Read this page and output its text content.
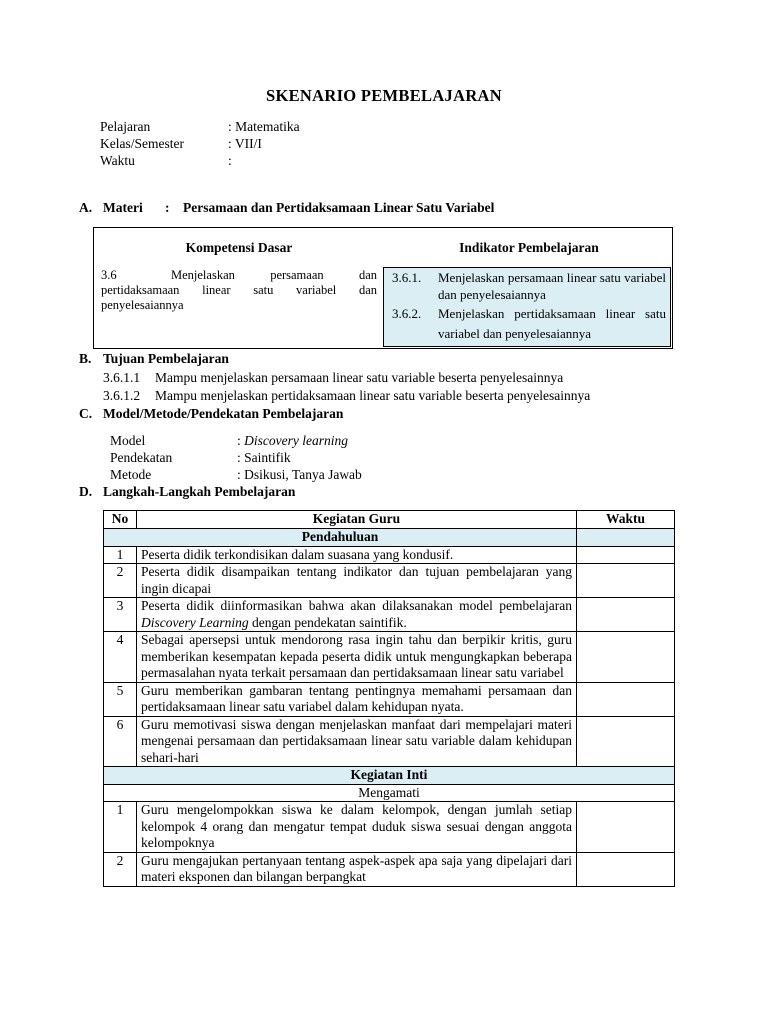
SKENARIO PEMBELAJARAN
Pelajaran	: Matematika
Kelas/Semester	: VII/I
Waktu	:
A. Materi	:	Persamaan dan Pertidaksamaan Linear Satu Variabel
Kompetensi Dasar	Indikator Pembelajaran
3.6	Menjelaskan persamaan dan pertidaksamaan linear satu variabel dan penyelesaiannya
3.6.1.	Menjelaskan persamaan linear satu variabel dan penyelesaiannya
3.6.2.	Menjelaskan pertidaksamaan linear satu variabel dan penyelesaiannya
B. Tujuan Pembelajaran
3.6.1.1	Mampu menjelaskan persamaan linear satu variable beserta penyelesainnya
3.6.1.2	Mampu menjelaskan pertidaksamaan linear satu variable beserta penyelesainnya
C. Model/Metode/Pendekatan Pembelajaran
Model	: Discovery learning
Pendekatan	: Saintifik
Metode	: Dsikusi, Tanya Jawab
D. Langkah-Langkah Pembelajaran
No	Kegiatan Guru	Waktu
Pendahuluan		
1	Peserta didik terkondisikan dalam suasana yang kondusif.	
2	Peserta didik disampaikan tentang indikator dan tujuan pembelajaran yang ingin dicapai	
3	Peserta didik diinformasikan bahwa akan dilaksanakan model pembelajaran Discovery Learning dengan pendekatan saintifik.	
4	Sebagai apersepsi untuk mendorong rasa ingin tahu dan berpikir kritis, guru memberikan kesempatan kepada peserta didik untuk mengungkapkan beberapa permasalahan nyata terkait persamaan dan pertidaksamaan linear satu variabel	
5	Guru memberikan gambaran tentang pentingnya memahami persamaan dan pertidaksamaan linear satu variabel dalam kehidupan nyata.	
6	Guru memotivasi siswa dengan menjelaskan manfaat dari mempelajari materi mengenai persamaan dan pertidaksamaan linear satu variable dalam kehidupan sehari-hari	
Kegiatan Inti		
Mengamati		
1	Guru mengelompokkan siswa ke dalam kelompok, dengan jumlah setiap kelompok 4 orang dan mengatur tempat duduk siswa sesuai dengan anggota kelompoknya	
2	Guru mengajukan pertanyaan tentang aspek-aspek apa saja yang dipelajari dari materi eksponen dan bilangan berpangkat	
